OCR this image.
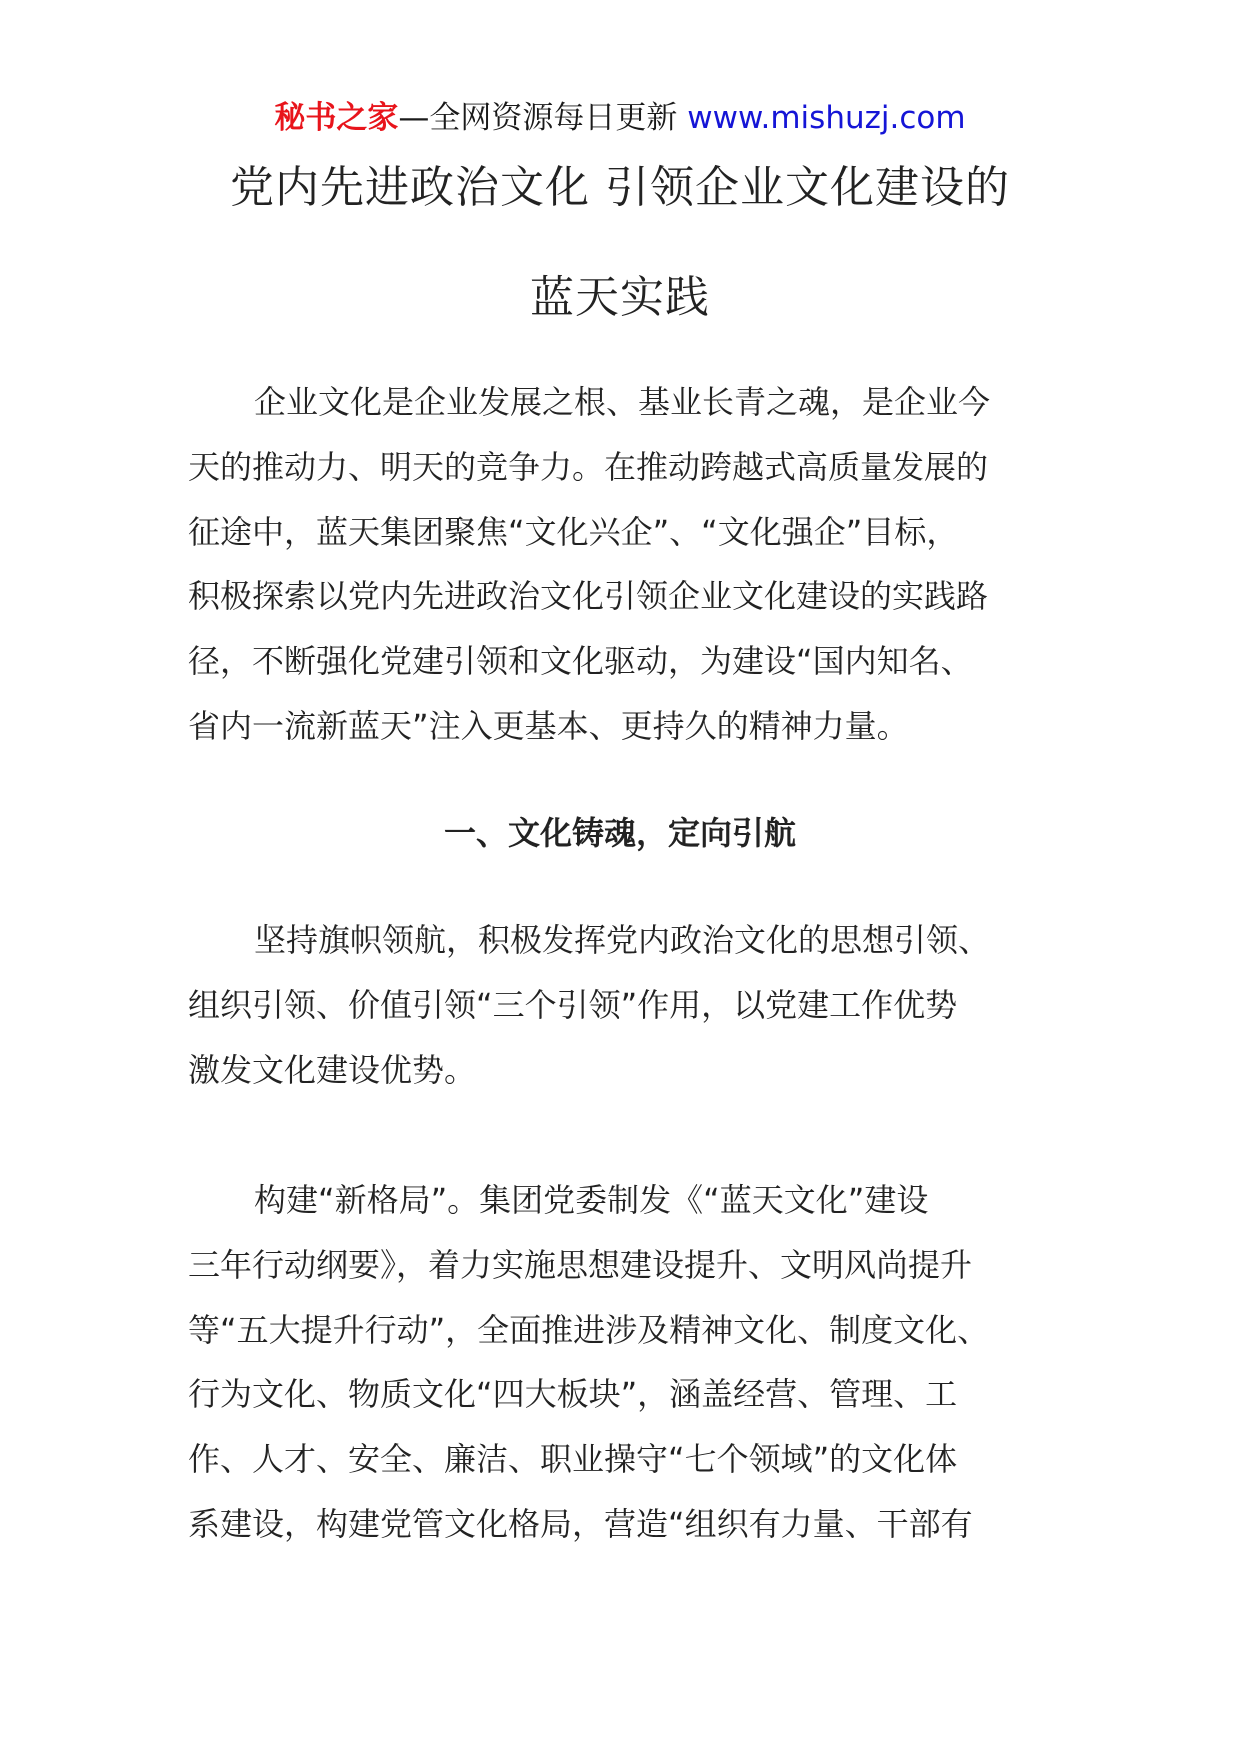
秘书之家—全网资源每日更新 www.mishuzj.com
党内先进政治文化 引领企业文化建设的
蓝天实践
企业文化是企业发展之根、基业长青之魂，是企业今
天的推动力、明天的竞争力。在推动跨越式高质量发展的
征途中，蓝天集团聚焦“文化兴企”、“文化强企”目标，
积极探索以党内先进政治文化引领企业文化建设的实践路
径，不断强化党建引领和文化驱动，为建设“国内知名、
省内一流新蓝天”注入更基本、更持久的精神力量。
一、文化铸魂，定向引航
坚持旗帜领航，积极发挥党内政治文化的思想引领、
组织引领、价值引领“三个引领”作用，以党建工作优势
激发文化建设优势。
构建“新格局”。集团党委制发《“蓝天文化”建设
三年行动纲要》，着力实施思想建设提升、文明风尚提升
等“五大提升行动”，全面推进涉及精神文化、制度文化、
行为文化、物质文化“四大板块”，涵盖经营、管理、工
作、人才、安全、廉洁、职业操守“七个领域”的文化体
系建设，构建党管文化格局，营造“组织有力量、干部有
